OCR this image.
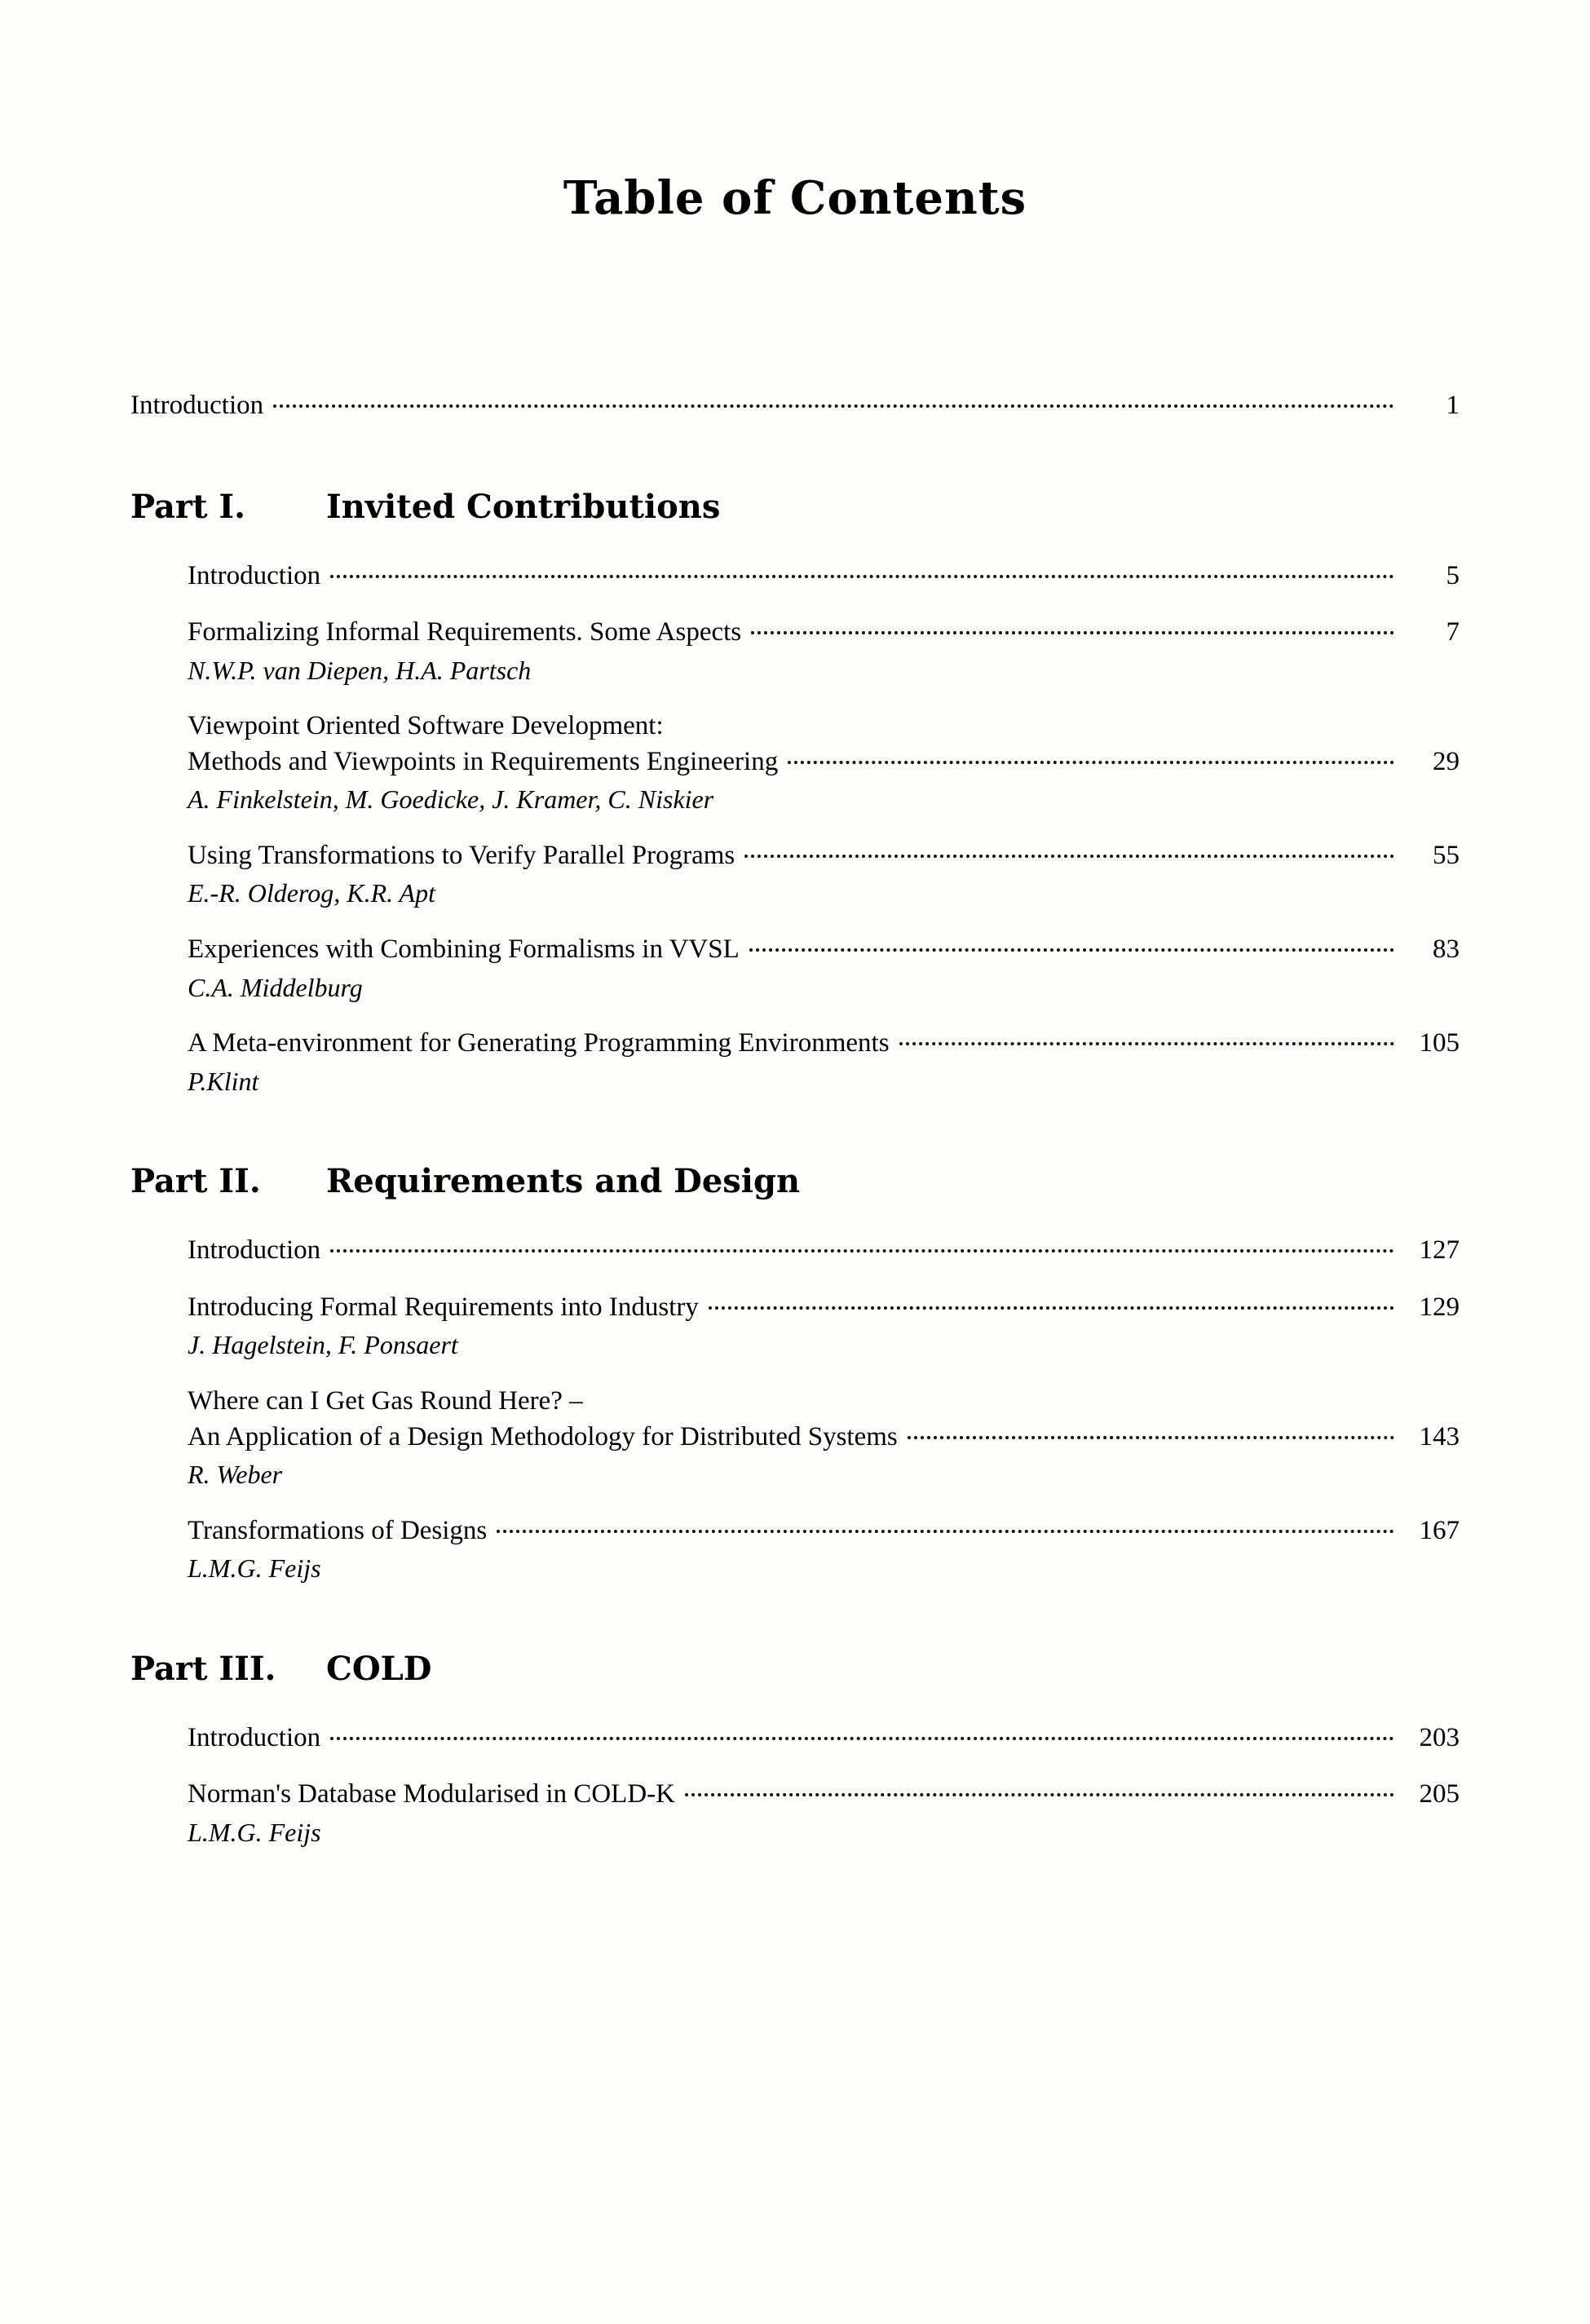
Table of Contents
Introduction	1
Part I.	Invited Contributions
Introduction	5
Formalizing Informal Requirements. Some Aspects	7
N.W.P. van Diepen, H.A. Partsch
Viewpoint Oriented Software Development:
Methods and Viewpoints in Requirements Engineering	29
A. Finkelstein, M. Goedicke, J. Kramer, C. Niskier
Using Transformations to Verify Parallel Programs	55
E.-R. Olderog, K.R. Apt
Experiences with Combining Formalisms in VVSL	83
C.A. Middelburg
A Meta-environment for Generating Programming Environments	105
P.Klint
Part II.	Requirements and Design
Introduction	127
Introducing Formal Requirements into Industry	129
J. Hagelstein, F. Ponsaert
Where can I Get Gas Round Here? –
An Application of a Design Methodology for Distributed Systems	143
R. Weber
Transformations of Designs	167
L.M.G. Feijs
Part III.	COLD
Introduction	203
Norman's Database Modularised in COLD-K	205
L.M.G. Feijs
